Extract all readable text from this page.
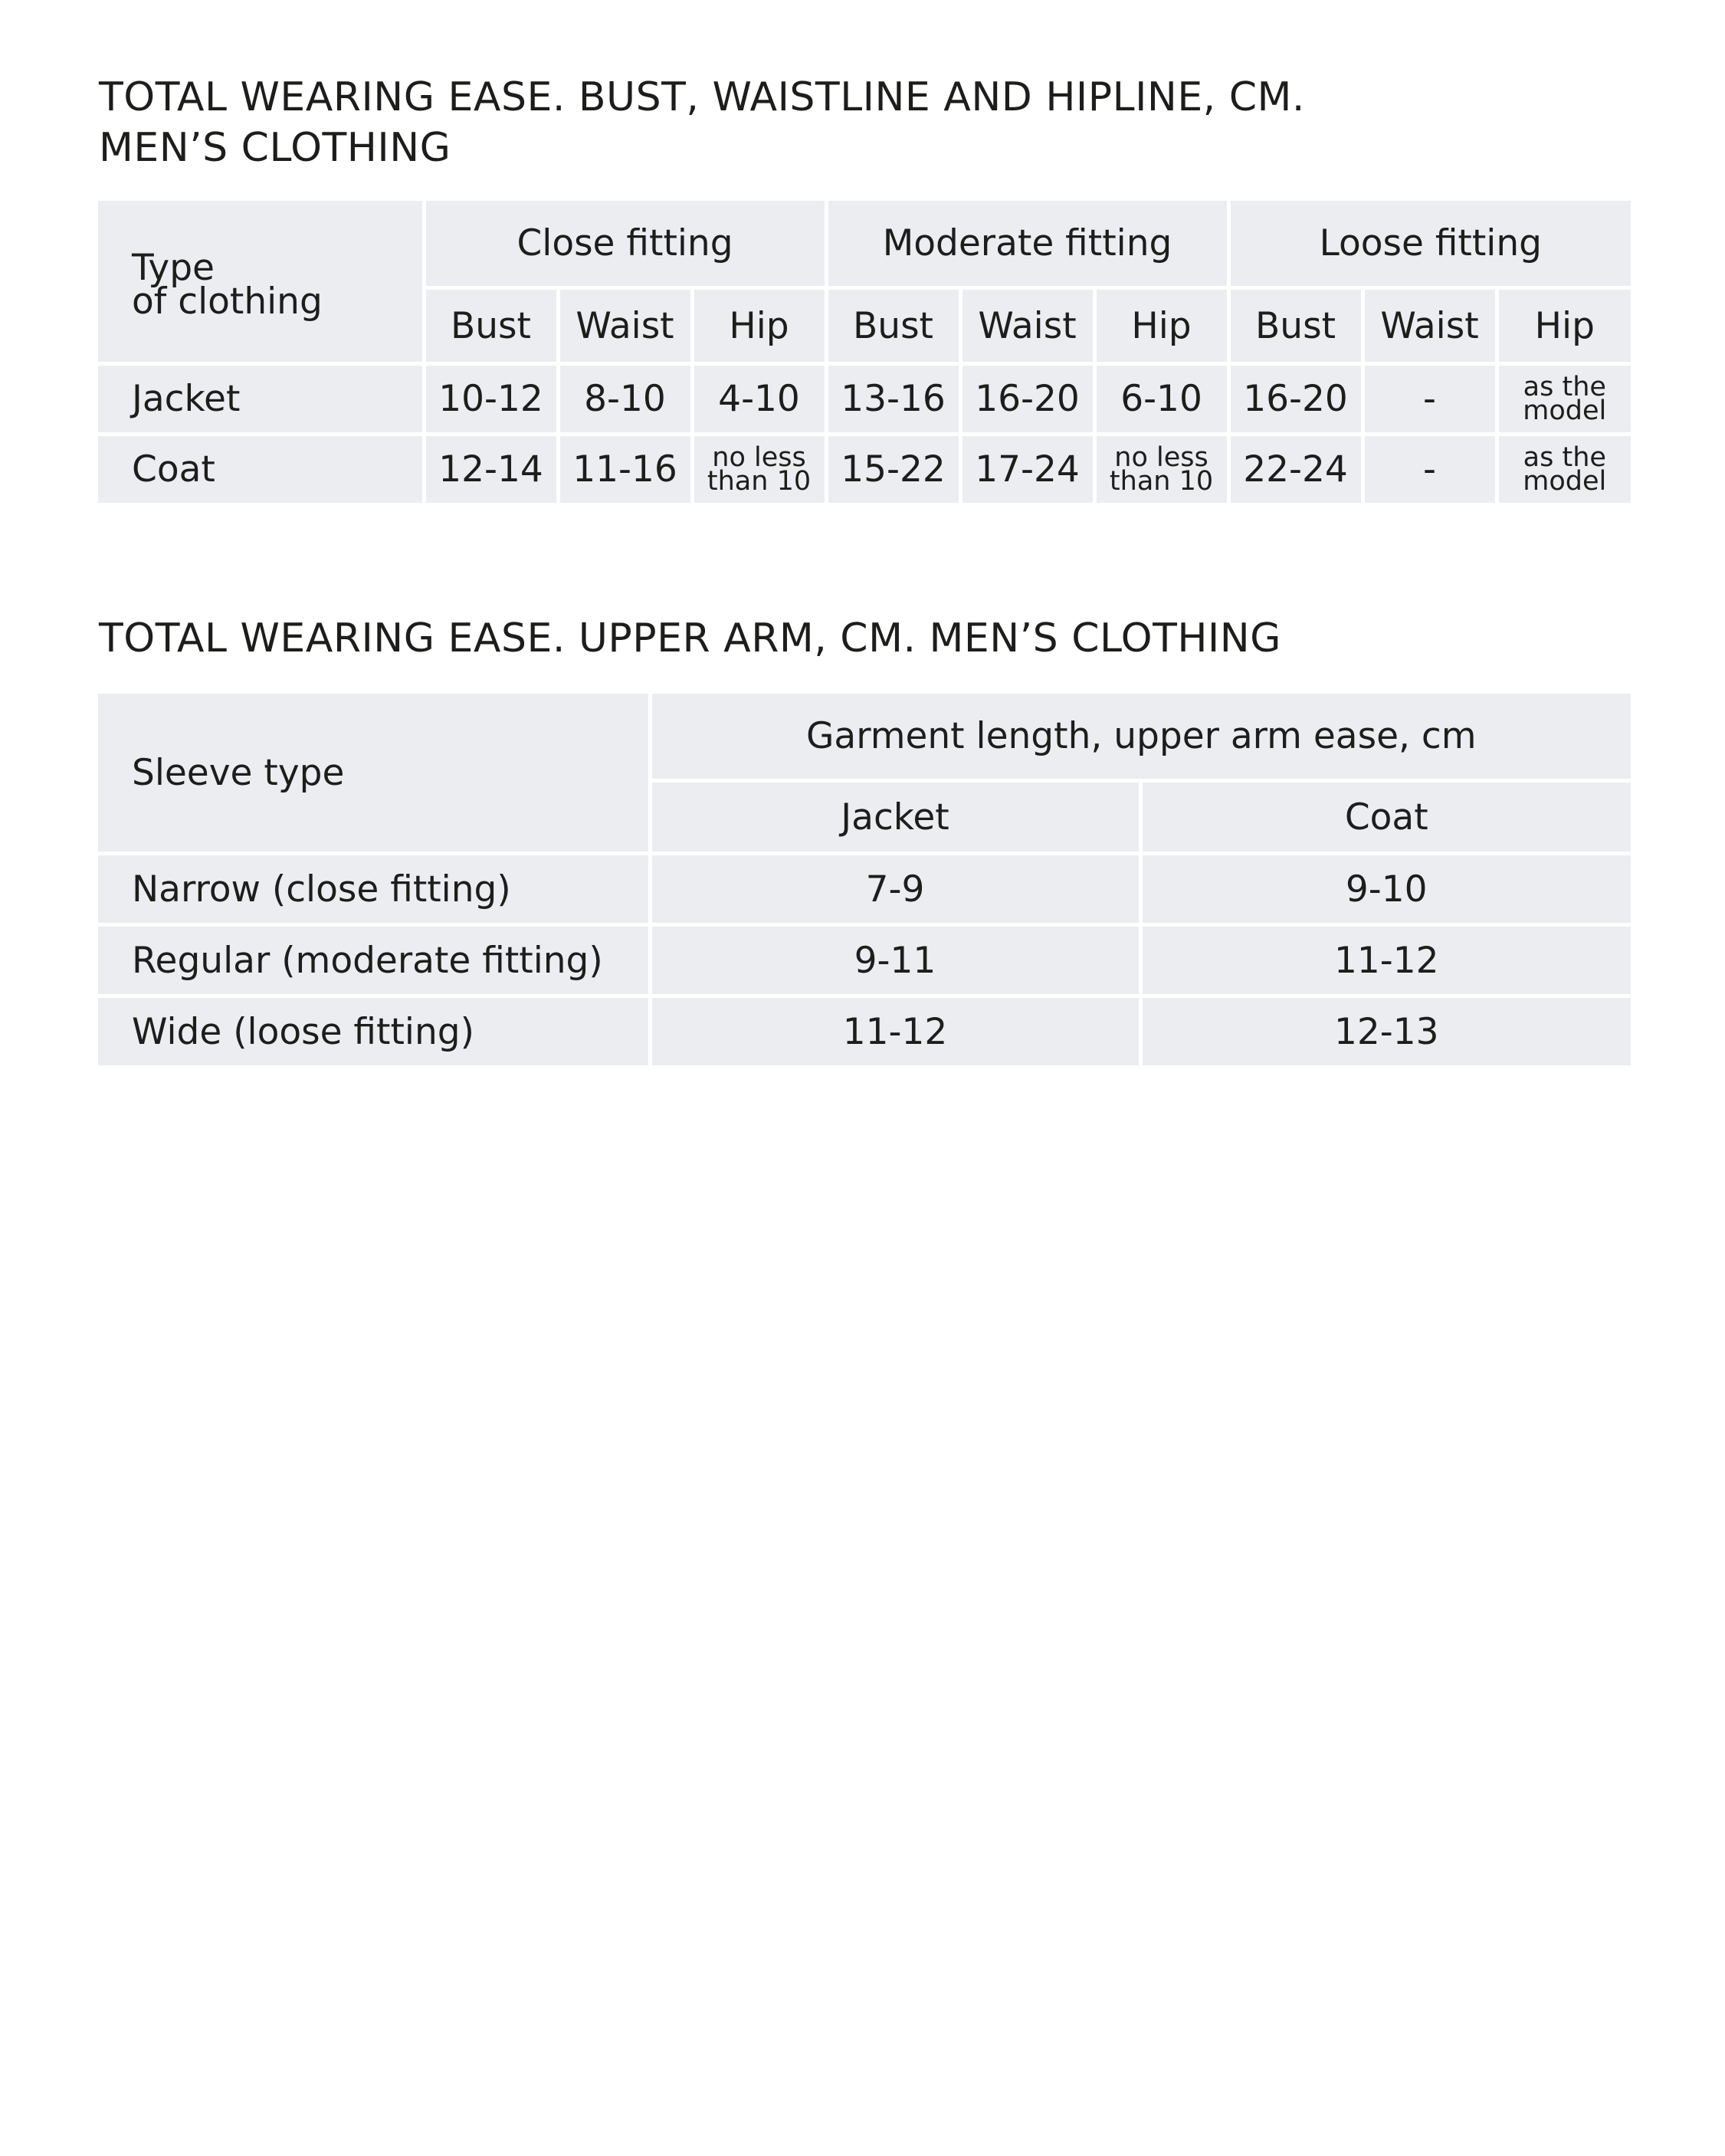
TOTAL WEARING EASE. BUST, WAISTLINE AND HIPLINE, CM.
MEN’S CLOTHING
Type
of clothing	Close fitting			Moderate fitting			Loose fitting		
	Bust	Waist	Hip	Bust	Waist	Hip	Bust	Waist	Hip
Jacket	10-12	8-10	4-10	13-16	16-20	6-10	16-20	-	as the
model

Coat	12-14	11-16	no less
than 10	15-22	17-24	no less
than 10	22-24	-	as the
model
TOTAL WEARING EASE. UPPER ARM, CM. MEN’S CLOTHING
Sleeve type	Garment length, upper arm ease, cm	
	Jacket	Coat
Narrow (close fitting)	7-9	9-10
Regular (moderate fitting)	9-11	11-12
Wide (loose fitting)	11-12	12-13
